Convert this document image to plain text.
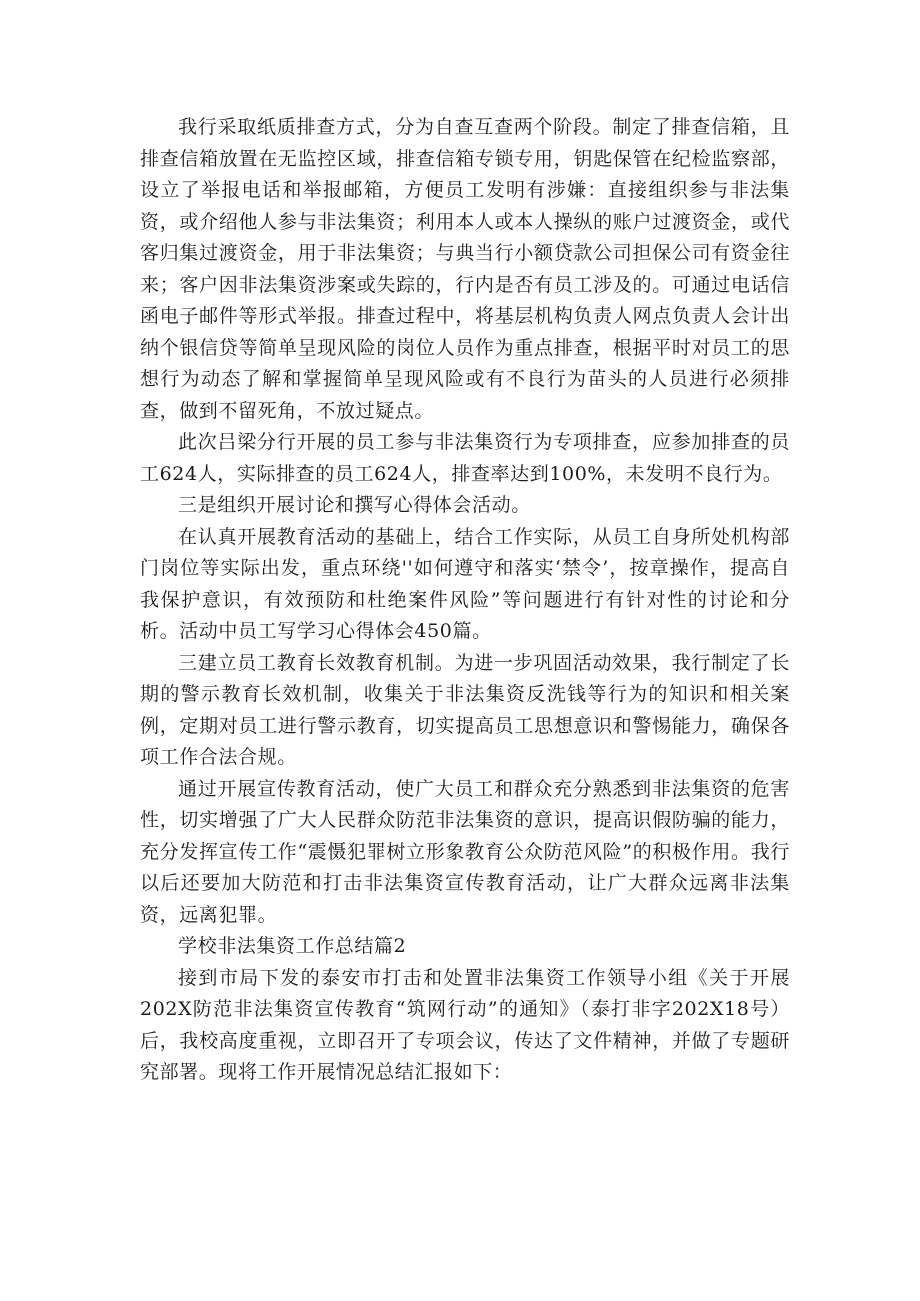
我行采取纸质排查方式，分为自查互查两个阶段。制定了排查信箱，且排查信箱放置在无监控区域，排查信箱专锁专用，钥匙保管在纪检监察部，设立了举报电话和举报邮箱，方便员工发明有涉嫌：直接组织参与非法集资，或介绍他人参与非法集资；利用本人或本人操纵的账户过渡资金，或代客归集过渡资金，用于非法集资；与典当行小额贷款公司担保公司有资金往来；客户因非法集资涉案或失踪的，行内是否有员工涉及的。可通过电话信函电子邮件等形式举报。排查过程中，将基层机构负责人网点负责人会计出纳个银信贷等简单呈现风险的岗位人员作为重点排查，根据平时对员工的思想行为动态了解和掌握简单呈现风险或有不良行为苗头的人员进行必须排查，做到不留死角，不放过疑点。

此次吕梁分行开展的员工参与非法集资行为专项排查，应参加排查的员工624人，实际排查的员工624人，排查率达到100%，未发明不良行为。

三是组织开展讨论和撰写心得体会活动。

在认真开展教育活动的基础上，结合工作实际，从员工自身所处机构部门岗位等实际出发，重点环绕''如何遵守和落实‘禁令’，按章操作，提高自我保护意识，有效预防和杜绝案件风险”等问题进行有针对性的讨论和分析。活动中员工写学习心得体会450篇。

三建立员工教育长效教育机制。为进一步巩固活动效果，我行制定了长期的警示教育长效机制，收集关于非法集资反洗钱等行为的知识和相关案例，定期对员工进行警示教育，切实提高员工思想意识和警惕能力，确保各项工作合法合规。

通过开展宣传教育活动，使广大员工和群众充分熟悉到非法集资的危害性，切实增强了广大人民群众防范非法集资的意识，提高识假防骗的能力，充分发挥宣传工作“震慑犯罪树立形象教育公众防范风险”的积极作用。我行以后还要加大防范和打击非法集资宣传教育活动，让广大群众远离非法集资，远离犯罪。

学校非法集资工作总结篇2

接到市局下发的泰安市打击和处置非法集资工作领导小组《关于开展202X防范非法集资宣传教育“筑网行动”的通知》（泰打非字202X18号）后，我校高度重视，立即召开了专项会议，传达了文件精神，并做了专题研究部署。现将工作开展情况总结汇报如下：
